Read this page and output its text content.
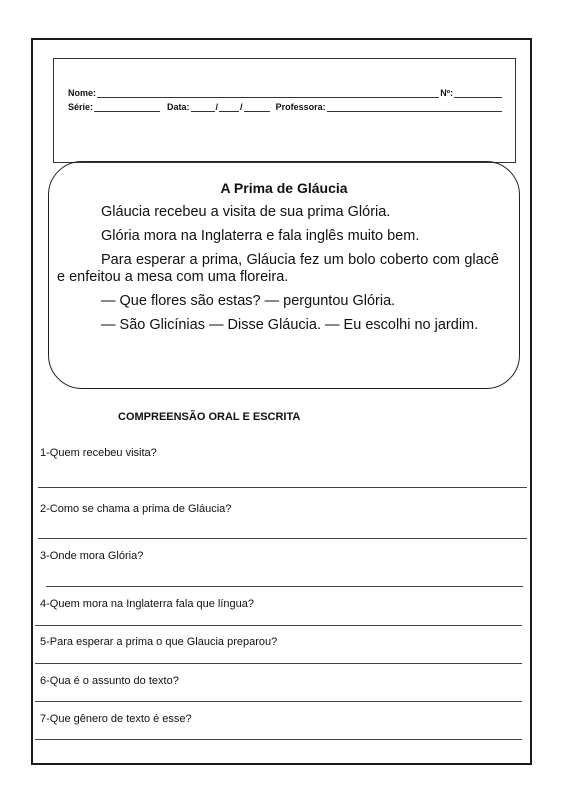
Nome:	Nº:
Série:	Data:	/ /	Professora:
A Prima de Gláucia

Gláucia recebeu a visita de sua prima Glória.

Glória mora na Inglaterra e fala inglês muito bem.

Para esperar a prima, Gláucia fez um bolo coberto com glacê e enfeitou a mesa com uma floreira.

— Que flores são estas? — perguntou Glória.

— São Glicínias — Disse Gláucia. — Eu escolhi no jardim.

COMPREENSÃO ORAL E ESCRITA
1-Quem recebeu visita?
2-Como se chama a prima de Gláucia?
3-Onde mora Glória?
4-Quem mora na Inglaterra fala que língua?
5-Para esperar a prima o que Glaucia preparou?
6-Qua é o assunto do texto?
7-Que gênero de texto é esse?
